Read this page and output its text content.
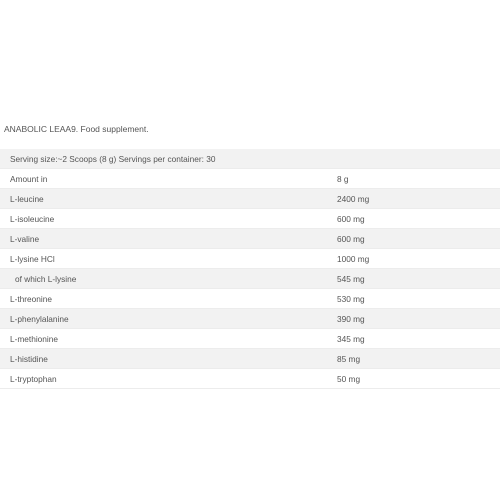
ANABOLIC LEAA9. Food supplement.
Serving size:~2 Scoops (8 g) Servings per container: 30	
Amount in	8 g
L-leucine	2400 mg
L-isoleucine	600 mg
L-valine	600 mg
L-lysine HCl	1000 mg
of which L-lysine	545 mg
L-threonine	530 mg
L-phenylalanine	390 mg
L-methionine	345 mg
L-histidine	85 mg
L-tryptophan	50 mg
